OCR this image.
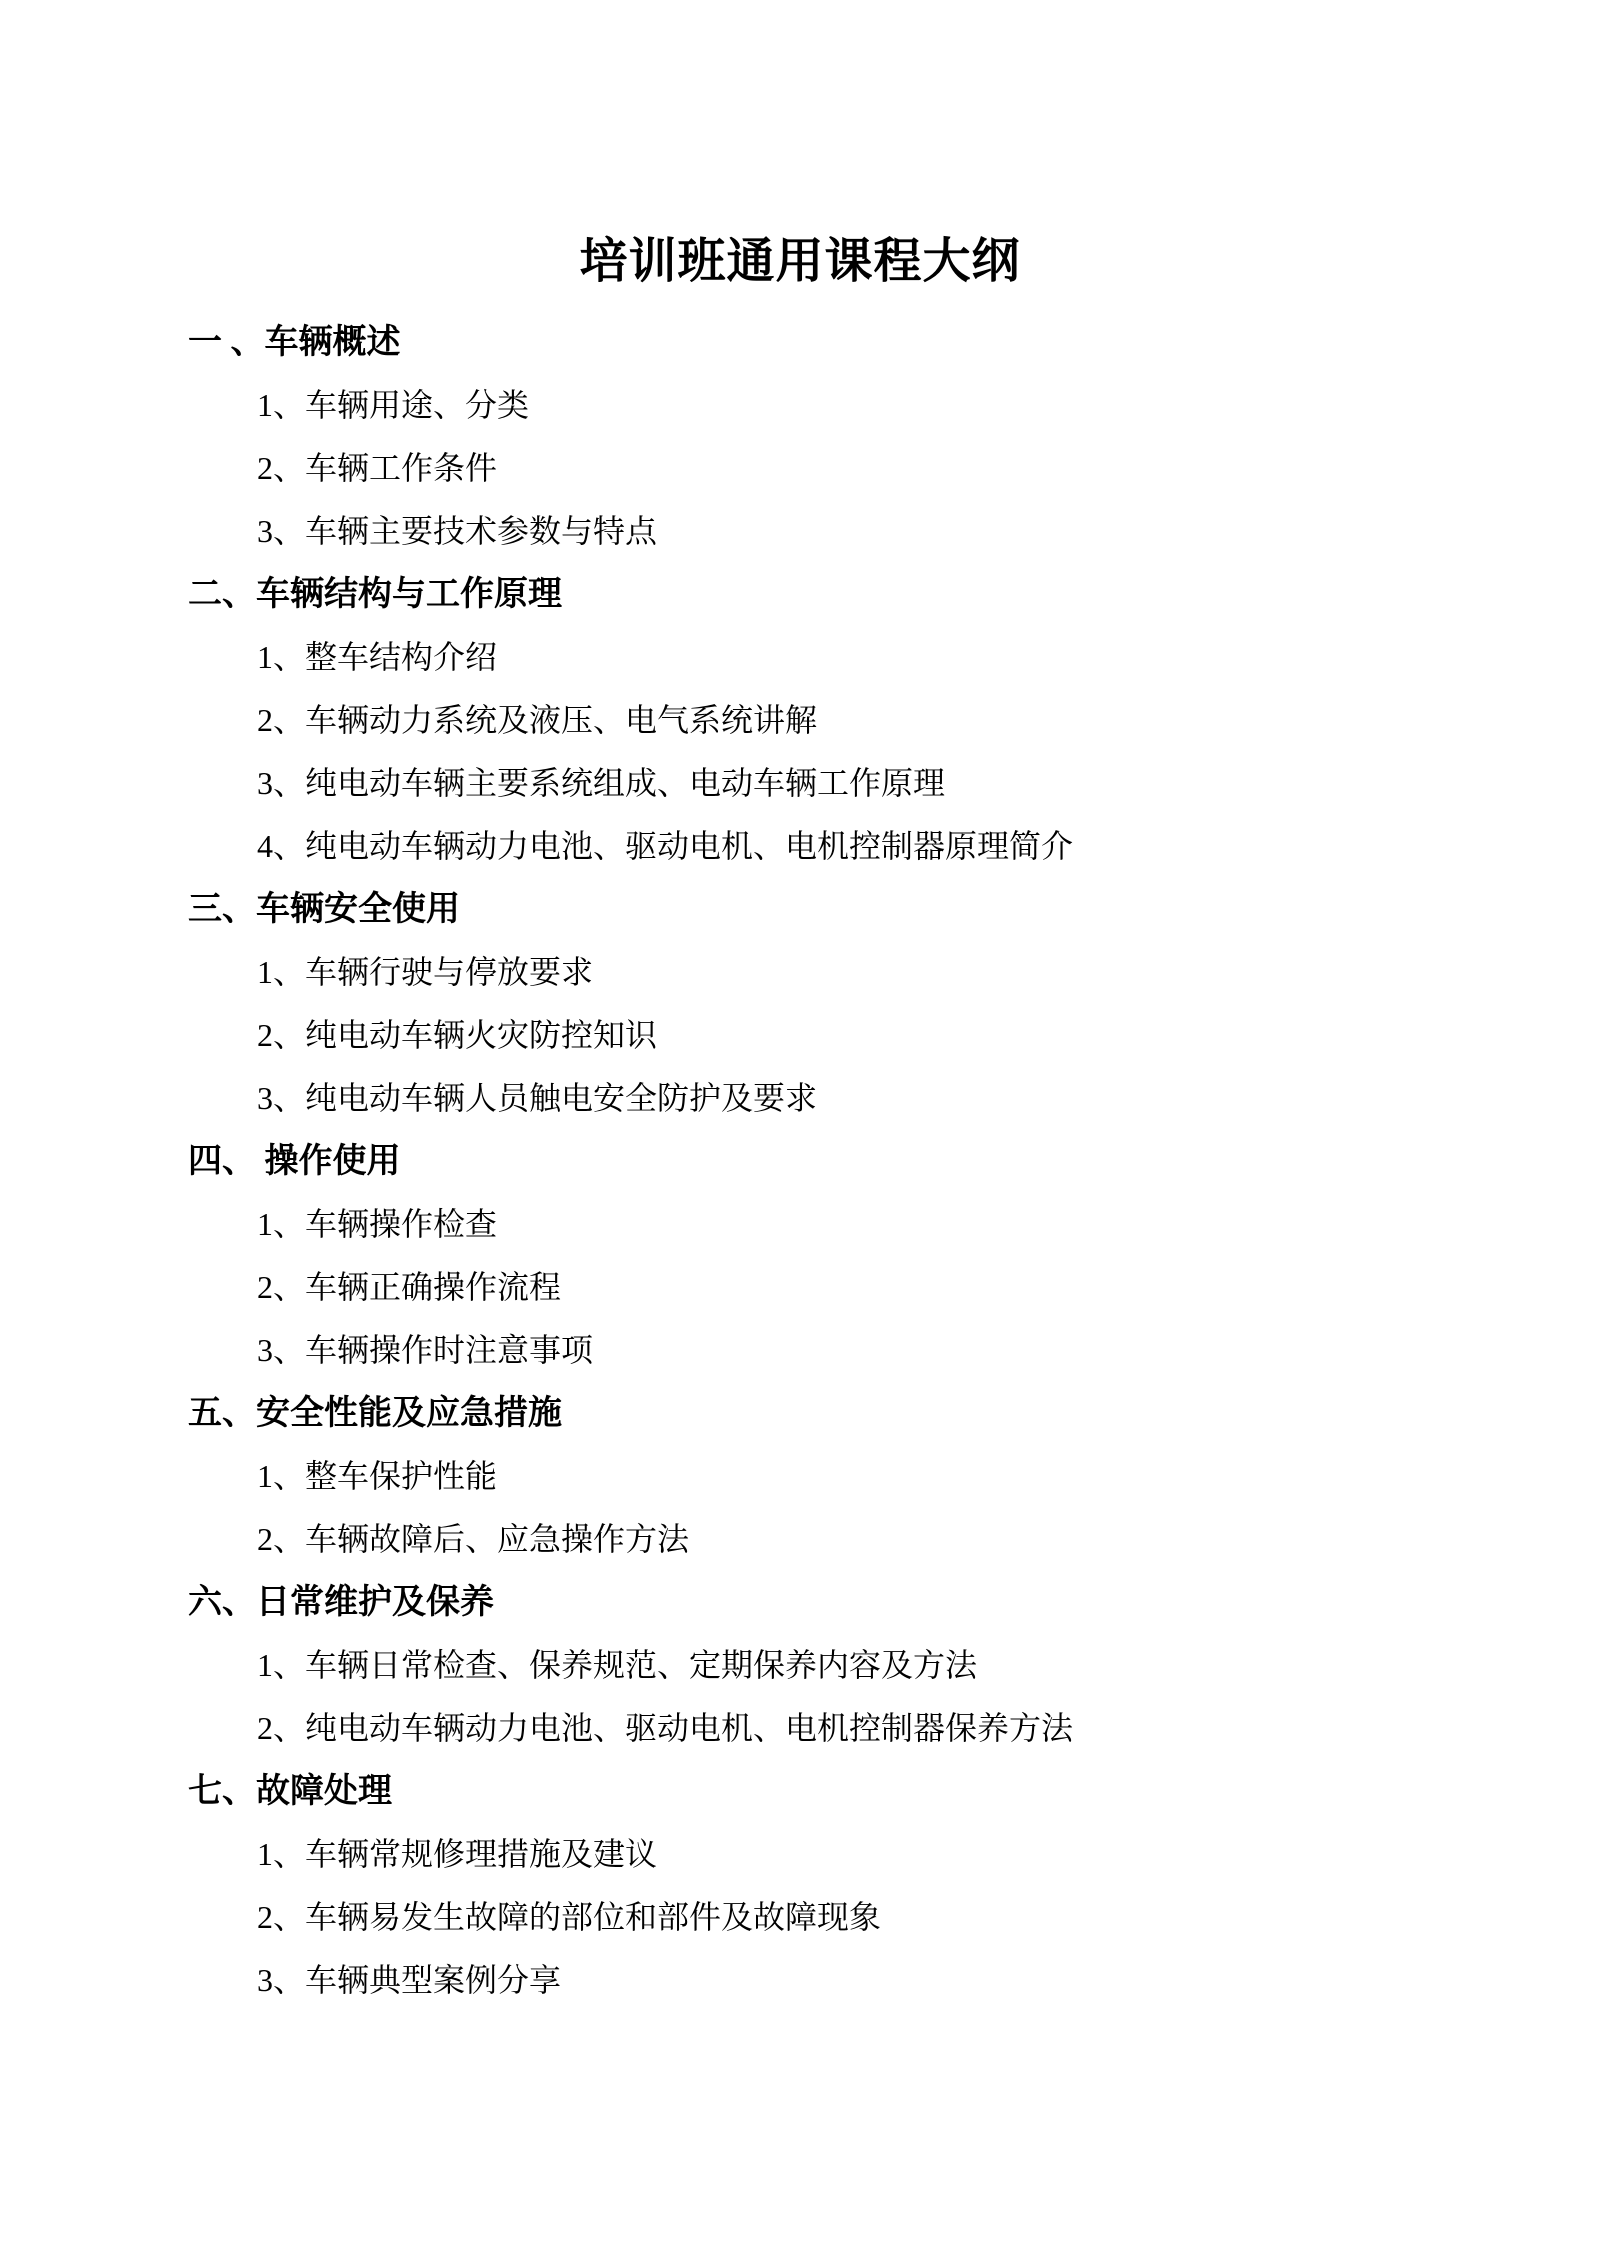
培训班通用课程大纲
一 、车辆概述
1、车辆用途、分类
2、车辆工作条件
3、车辆主要技术参数与特点
二、车辆结构与工作原理
1、整车结构介绍
2、车辆动力系统及液压、电气系统讲解
3、纯电动车辆主要系统组成、电动车辆工作原理
4、纯电动车辆动力电池、驱动电机、电机控制器原理简介
三、车辆安全使用
1、车辆行驶与停放要求
2、纯电动车辆火灾防控知识
3、纯电动车辆人员触电安全防护及要求
四、 操作使用
1、车辆操作检查
2、车辆正确操作流程
3、车辆操作时注意事项
五、安全性能及应急措施
1、整车保护性能
2、车辆故障后、应急操作方法
六、日常维护及保养
1、车辆日常检查、保养规范、定期保养内容及方法
2、纯电动车辆动力电池、驱动电机、电机控制器保养方法
七、故障处理
1、车辆常规修理措施及建议
2、车辆易发生故障的部位和部件及故障现象
3、车辆典型案例分享
